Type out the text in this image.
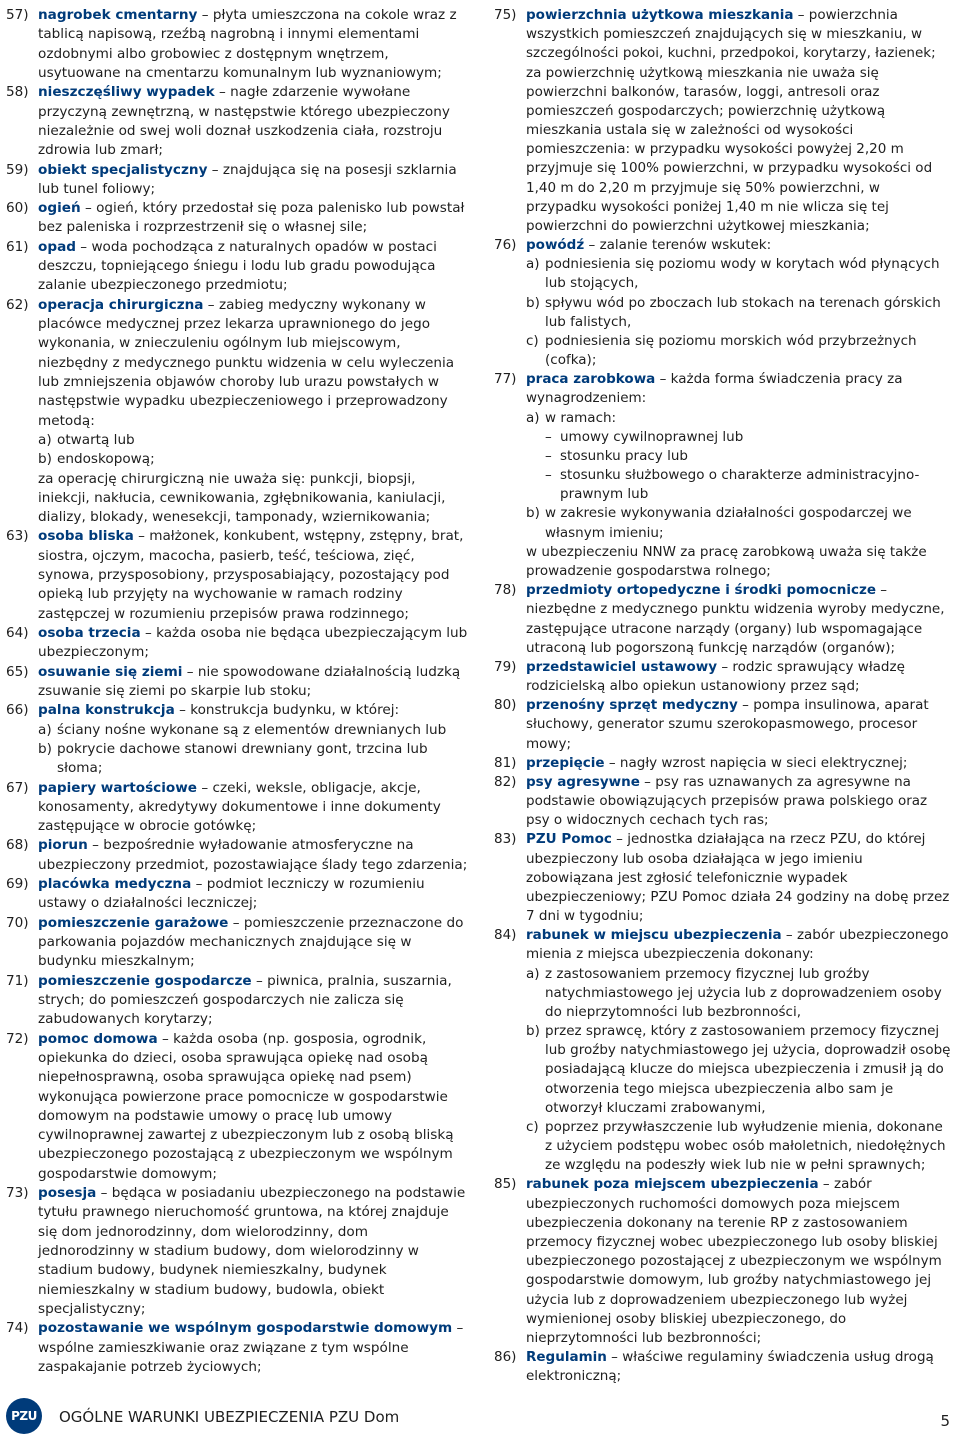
57) nagrobek cmentarny – płyta umieszczona na cokole wraz z tablicą napisową, rzeźbą nagrobną i innymi elementami ozdobnymi albo grobowiec z dostępnym wnętrzem, usytuowane na cmentarzu komunalnym lub wyznaniowym;
58) nieszczęśliwy wypadek – nagłe zdarzenie wywołane przyczyną zewnętrzną, w następstwie którego ubezpieczony niezależnie od swej woli doznał uszkodzenia ciała, rozstroju zdrowia lub zmarł;
59) obiekt specjalistyczny – znajdująca się na posesji szklarnia lub tunel foliowy;
60) ogień – ogień, który przedostał się poza palenisko lub powstał bez paleniska i rozprzestrzenił się o własnej sile;
61) opad – woda pochodząca z naturalnych opadów w postaci deszczu, topniejącego śniegu i lodu lub gradu powodująca zalanie ubezpieczonego przedmiotu;
62) operacja chirurgiczna – zabieg medyczny wykonany w placówce medycznej przez lekarza uprawnionego do jego wykonania, w znieczuleniu ogólnym lub miejscowym, niezbędny z medycznego punktu widzenia w celu wyleczenia lub zmniejszenia objawów choroby lub urazu powstałych w następstwie wypadku ubezpieczeniowego i przeprowadzony metodą:
a) otwartą lub
b) endoskopową;
za operację chirurgiczną nie uważa się: punkcji, biopsji, iniekcji, nakłucia, cewnikowania, zgłębnikowania, kaniulacji, dializy, blokady, wenesekcji, tamponady, wziernikowania;
63) osoba bliska – małżonek, konkubent, wstępny, zstępny, brat, siostra, ojczym, macocha, pasierb, teść, teściowa, zięć, synowa, przysposobiony, przysposabiający, pozostający pod opieką lub przyjęty na wychowanie w ramach rodziny zastępczej w rozumieniu przepisów prawa rodzinnego;
64) osoba trzecia – każda osoba nie będąca ubezpieczającym lub ubezpieczonym;
65) osuwanie się ziemi – nie spowodowane działalnością ludzką zsuwanie się ziemi po skarpie lub stoku;
66) palna konstrukcja – konstrukcja budynku, w której:
a) ściany nośne wykonane są z elementów drewnianych lub
b) pokrycie dachowe stanowi drewniany gont, trzcina lub słoma;
67) papiery wartościowe – czeki, weksle, obligacje, akcje, konosamenty, akredytywy dokumentowe i inne dokumenty zastępujące w obrocie gotówkę;
68) piorun – bezpośrednie wyładowanie atmosferyczne na ubezpieczony przedmiot, pozostawiające ślady tego zdarzenia;
69) placówka medyczna – podmiot leczniczy w rozumieniu ustawy o działalności leczniczej;
70) pomieszczenie garażowe – pomieszczenie przeznaczone do parkowania pojazdów mechanicznych znajdujące się w budynku mieszkalnym;
71) pomieszczenie gospodarcze – piwnica, pralnia, suszarnia, strych; do pomieszczeń gospodarczych nie zalicza się zabudowanych korytarzy;
72) pomoc domowa – każda osoba (np. gosposia, ogrodnik, opiekunka do dzieci, osoba sprawująca opiekę nad osobą niepełnosprawną, osoba sprawująca opiekę nad psem) wykonująca powierzone prace pomocnicze w gospodarstwie domowym na podstawie umowy o pracę lub umowy cywilnoprawnej zawartej z ubezpieczonym lub z osobą bliską ubezpieczonego pozostającą z ubezpieczonym we wspólnym gospodarstwie domowym;
73) posesja – będąca w posiadaniu ubezpieczonego na podstawie tytułu prawnego nieruchomość gruntowa, na której znajduje się dom jednorodzinny, dom wielorodzinny, dom jednorodzinny w stadium budowy, dom wielorodzinny w stadium budowy, budynek niemieszkalny, budynek niemieszkalny w stadium budowy, budowla, obiekt specjalistyczny;
74) pozostawanie we wspólnym gospodarstwie domowym – wspólne zamieszkiwanie oraz związane z tym wspólne zaspakajanie potrzeb życiowych;
75) powierzchnia użytkowa mieszkania – powierzchnia wszystkich pomieszczeń znajdujących się w mieszkaniu, w szczególności pokoi, kuchni, przedpokoi, korytarzy, łazienek; za powierzchnię użytkową mieszkania nie uważa się powierzchni balkonów, tarasów, loggi, antresoli oraz pomieszczeń gospodarczych; powierzchnię użytkową mieszkania ustala się w zależności od wysokości pomieszczenia: w przypadku wysokości powyżej 2,20 m przyjmuje się 100% powierzchni, w przypadku wysokości od 1,40 m do 2,20 m przyjmuje się 50% powierzchni, w przypadku wysokości poniżej 1,40 m nie wlicza się tej powierzchni do powierzchni użytkowej mieszkania;
76) powódź – zalanie terenów wskutek:
a) podniesienia się poziomu wody w korytach wód płynących lub stojących,
b) spływu wód po zboczach lub stokach na terenach górskich lub falistych,
c) podniesienia się poziomu morskich wód przybrzeżnych (cofka);
77) praca zarobkowa – każda forma świadczenia pracy za wynagrodzeniem:
a) w ramach:
– umowy cywilnoprawnej lub
– stosunku pracy lub
– stosunku służbowego o charakterze administracyjno-prawnym lub
b) w zakresie wykonywania działalności gospodarczej we własnym imieniu;
w ubezpieczeniu NNW za pracę zarobkową uważa się także prowadzenie gospodarstwa rolnego;
78) przedmioty ortopedyczne i środki pomocnicze – niezbędne z medycznego punktu widzenia wyroby medyczne, zastępujące utracone narządy (organy) lub wspomagające utraconą lub pogorszoną funkcję narządów (organów);
79) przedstawiciel ustawowy – rodzic sprawujący władzę rodzicielską albo opiekun ustanowiony przez sąd;
80) przenośny sprzęt medyczny – pompa insulinowa, aparat słuchowy, generator szumu szerokopasmowego, procesor mowy;
81) przepięcie – nagły wzrost napięcia w sieci elektrycznej;
82) psy agresywne – psy ras uznawanych za agresywne na podstawie obowiązujących przepisów prawa polskiego oraz psy o widocznych cechach tych ras;
83) PZU Pomoc – jednostka działająca na rzecz PZU, do której ubezpieczony lub osoba działająca w jego imieniu zobowiązana jest zgłosić telefonicznie wypadek ubezpieczeniowy; PZU Pomoc działa 24 godziny na dobę przez 7 dni w tygodniu;
84) rabunek w miejscu ubezpieczenia – zabór ubezpieczonego mienia z miejsca ubezpieczenia dokonany:
a) z zastosowaniem przemocy fizycznej lub groźby natychmiastowego jej użycia lub z doprowadzeniem osoby do nieprzytomności lub bezbronności,
b) przez sprawcę, który z zastosowaniem przemocy fizycznej lub groźby natychmiastowego jej użycia, doprowadził osobę posiadającą klucze do miejsca ubezpieczenia i zmusił ją do otworzenia tego miejsca ubezpieczenia albo sam je otworzył kluczami zrabowanymi,
c) poprzez przywłaszczenie lub wyłudzenie mienia, dokonane z użyciem podstępu wobec osób małoletnich, niedołężnych ze względu na podeszły wiek lub nie w pełni sprawnych;
85) rabunek poza miejscem ubezpieczenia – zabór ubezpieczonych ruchomości domowych poza miejscem ubezpieczenia dokonany na terenie RP z zastosowaniem przemocy fizycznej wobec ubezpieczonego lub osoby bliskiej ubezpieczonego pozostającej z ubezpieczonym we wspólnym gospodarstwie domowym, lub groźby natychmiastowego jej użycia lub z doprowadzeniem ubezpieczonego lub wyżej wymienionej osoby bliskiej ubezpieczonego, do nieprzytomności lub bezbronności;
86) Regulamin – właściwe regulaminy świadczenia usług drogą elektroniczną;
PZU	OGÓLNE WARUNKI UBEZPIECZENIA PZU Dom	5
